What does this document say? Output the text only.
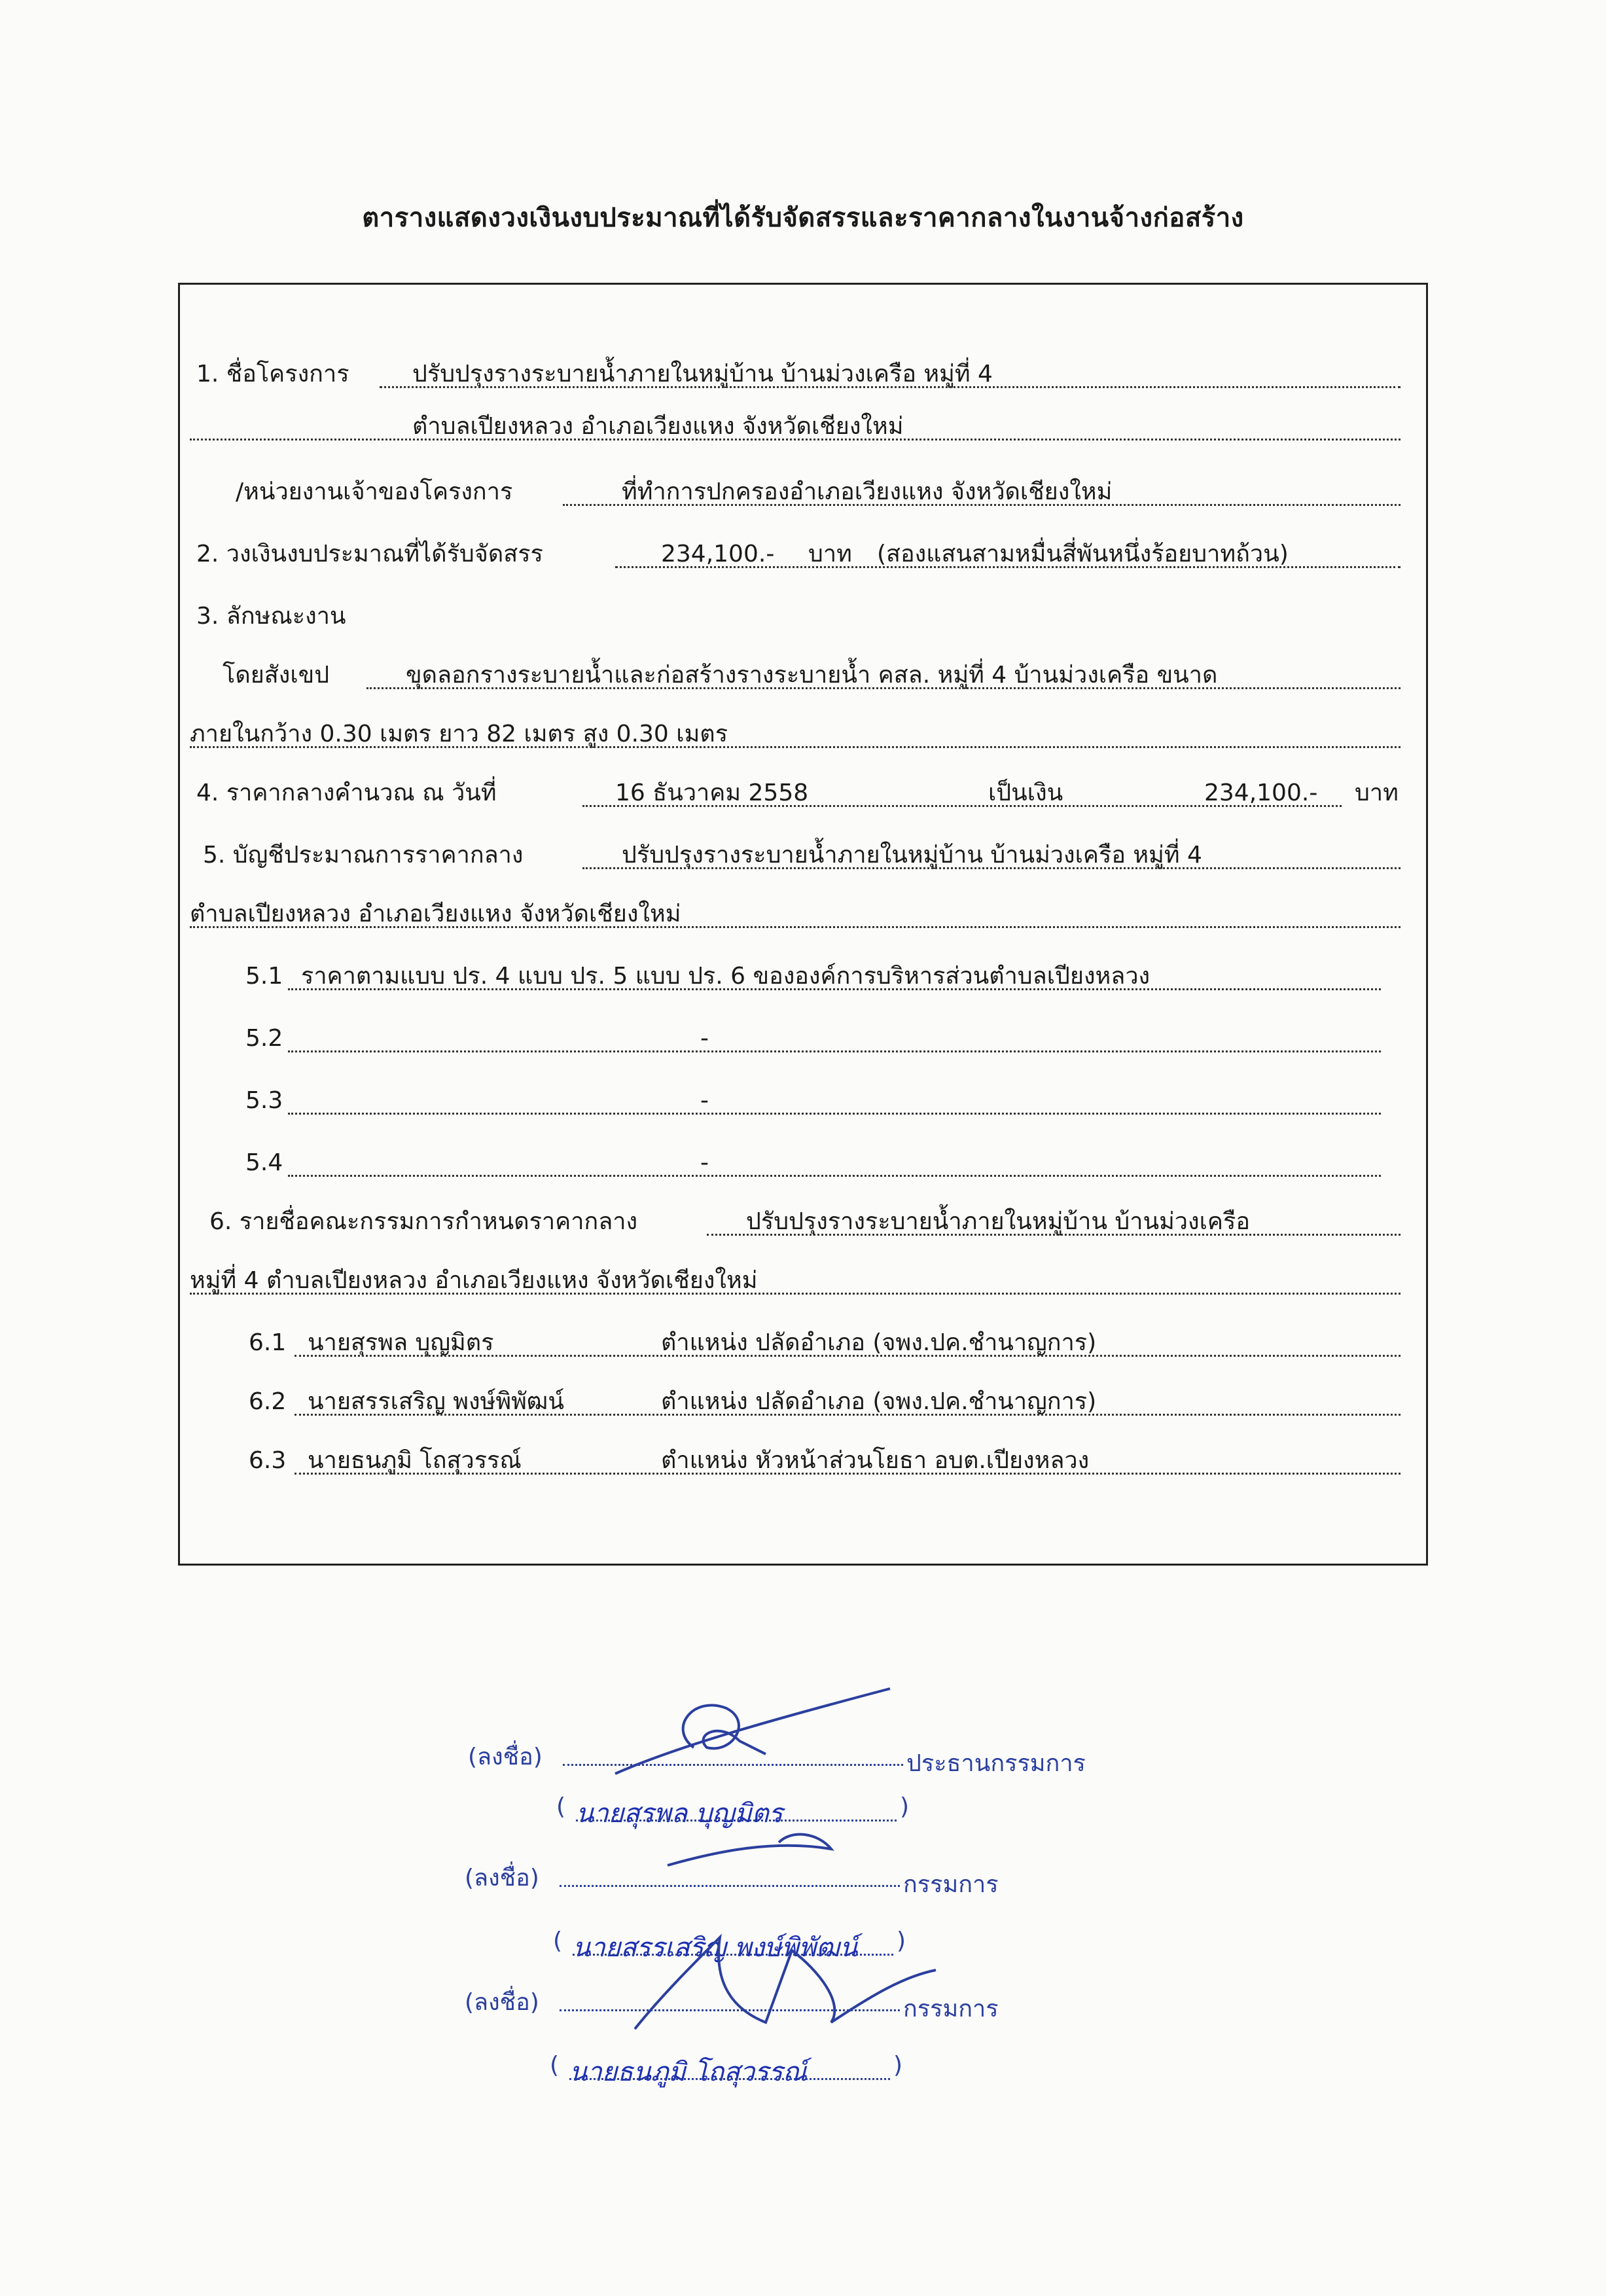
ตารางแสดงวงเงินงบประมาณที่ได้รับจัดสรรและราคากลางในงานจ้างก่อสร้าง
1. ชื่อโครงการ	ปรับปรุงรางระบายน้ำภายในหมู่บ้าน บ้านม่วงเครือ หมู่ที่ 4
ตำบลเปียงหลวง อำเภอเวียงแหง จังหวัดเชียงใหม่
/หน่วยงานเจ้าของโครงการ	ที่ทำการปกครองอำเภอเวียงแหง จังหวัดเชียงใหม่
2. วงเงินงบประมาณที่ได้รับจัดสรร	234,100.- บาท (สองแสนสามหมื่นสี่พันหนึ่งร้อยบาทถ้วน)
3. ลักษณะงาน
โดยสังเขป	ขุดลอกรางระบายน้ำและก่อสร้างรางระบายน้ำ คสล. หมู่ที่ 4 บ้านม่วงเครือ ขนาด
ภายในกว้าง 0.30 เมตร ยาว 82 เมตร สูง 0.30 เมตร
4. ราคากลางคำนวณ ณ วันที่	16 ธันวาคม 2558	เป็นเงิน	234,100.- บาท
5. บัญชีประมาณการราคากลาง	ปรับปรุงรางระบายน้ำภายในหมู่บ้าน บ้านม่วงเครือ หมู่ที่ 4
ตำบลเปียงหลวง อำเภอเวียงแหง จังหวัดเชียงใหม่
5.1 ราคาตามแบบ ปร. 4 แบบ ปร. 5 แบบ ปร. 6 ขององค์การบริหารส่วนตำบลเปียงหลวง
5.2	-
5.3	-
5.4	-
6. รายชื่อคณะกรรมการกำหนดราคากลาง	ปรับปรุงรางระบายน้ำภายในหมู่บ้าน บ้านม่วงเครือ
หมู่ที่ 4 ตำบลเปียงหลวง อำเภอเวียงแหง จังหวัดเชียงใหม่
6.1 นายสุรพล บุญมิตร	ตำแหน่ง ปลัดอำเภอ (จพง.ปค.ชำนาญการ)
6.2 นายสรรเสริญ พงษ์พิพัฒน์	ตำแหน่ง ปลัดอำเภอ (จพง.ปค.ชำนาญการ)
6.3 นายธนภูมิ โถสุวรรณ์	ตำแหน่ง หัวหน้าส่วนโยธา อบต.เปียงหลวง
(ลงชื่อ)	ประธานกรรมการ
( นายสุรพล บุญมิตร	)
(ลงชื่อ)	กรรมการ
( นายสรรเสริญ พงษ์พิพัฒน์ )
(ลงชื่อ)	กรรมการ
( นายธนภูมิ โถสุวรรณ์	)
